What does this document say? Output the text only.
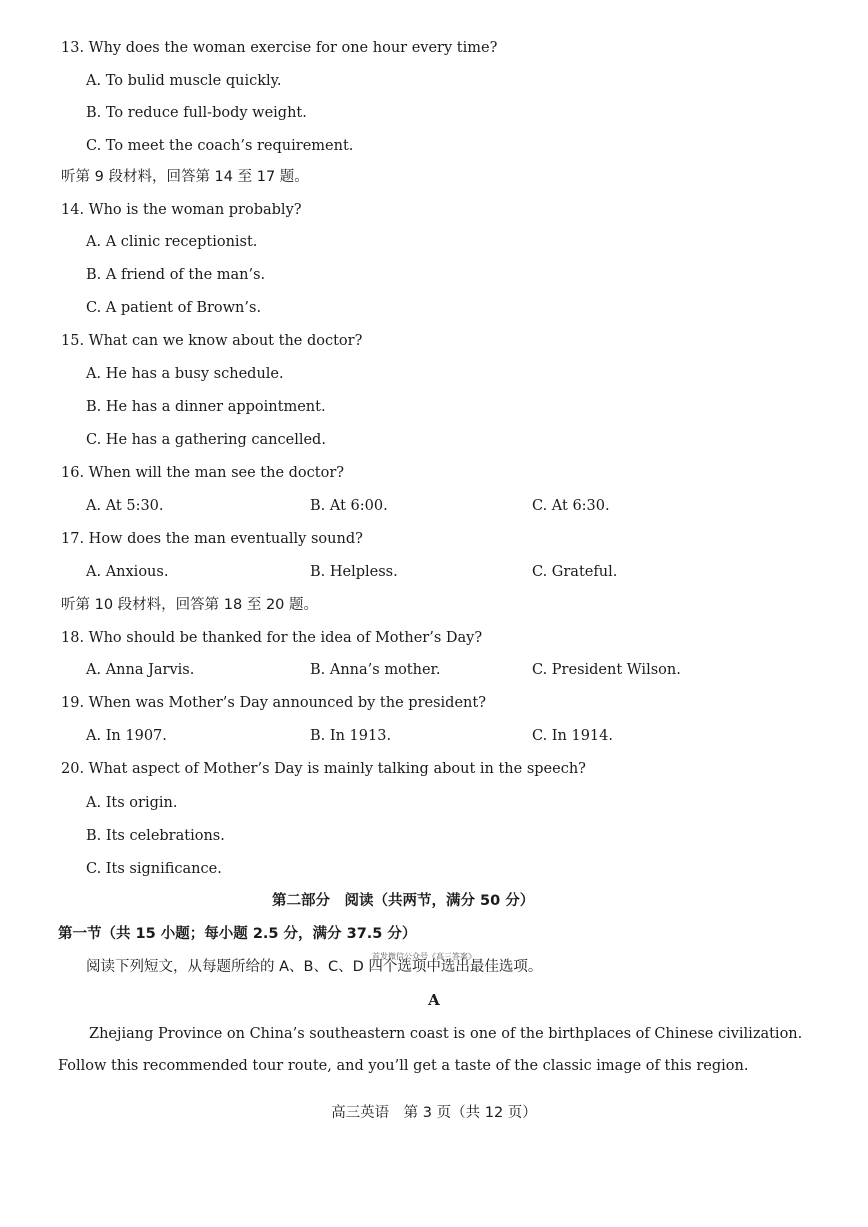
13. Why does the woman exercise for one hour every time?
A. To bulid muscle quickly.
B. To reduce full-body weight.
C. To meet the coach’s requirement.
听第 9 段材料，回答第 14 至 17 题。
14. Who is the woman probably?
A. A clinic receptionist.
B. A friend of the man’s.
C. A patient of Brown’s.
15. What can we know about the doctor?
A. He has a busy schedule.
B. He has a dinner appointment.
C. He has a gathering cancelled.
16. When will the man see the doctor?
A. At 5:30.	B. At 6:00.	C. At 6:30.
17. How does the man eventually sound?
A. Anxious.	B. Helpless.	C. Grateful.
听第 10 段材料，回答第 18 至 20 题。
18. Who should be thanked for the idea of Mother’s Day?
A. Anna Jarvis.	B. Anna’s mother.	C. President Wilson.
19. When was Mother’s Day announced by the president?
A. In 1907.	B. In 1913.	C. In 1914.
20. What aspect of Mother’s Day is mainly talking about in the speech?
A. Its origin.
B. Its celebrations.
C. Its significance.
第二部分　阅读（共两节，满分 50 分）
第一节（共 15 小题；每小题 2.5 分，满分 37.5 分）
首发微信公众号《高三答案》
阅读下列短文，从每题所给的 A、B、C、D 四个选项中选出最佳选项。
A
Zhejiang Province on China’s southeastern coast is one of the birthplaces of Chinese civilization.
Follow this recommended tour route, and you’ll get a taste of the classic image of this region.
高三英语　第 3 页（共 12 页）
